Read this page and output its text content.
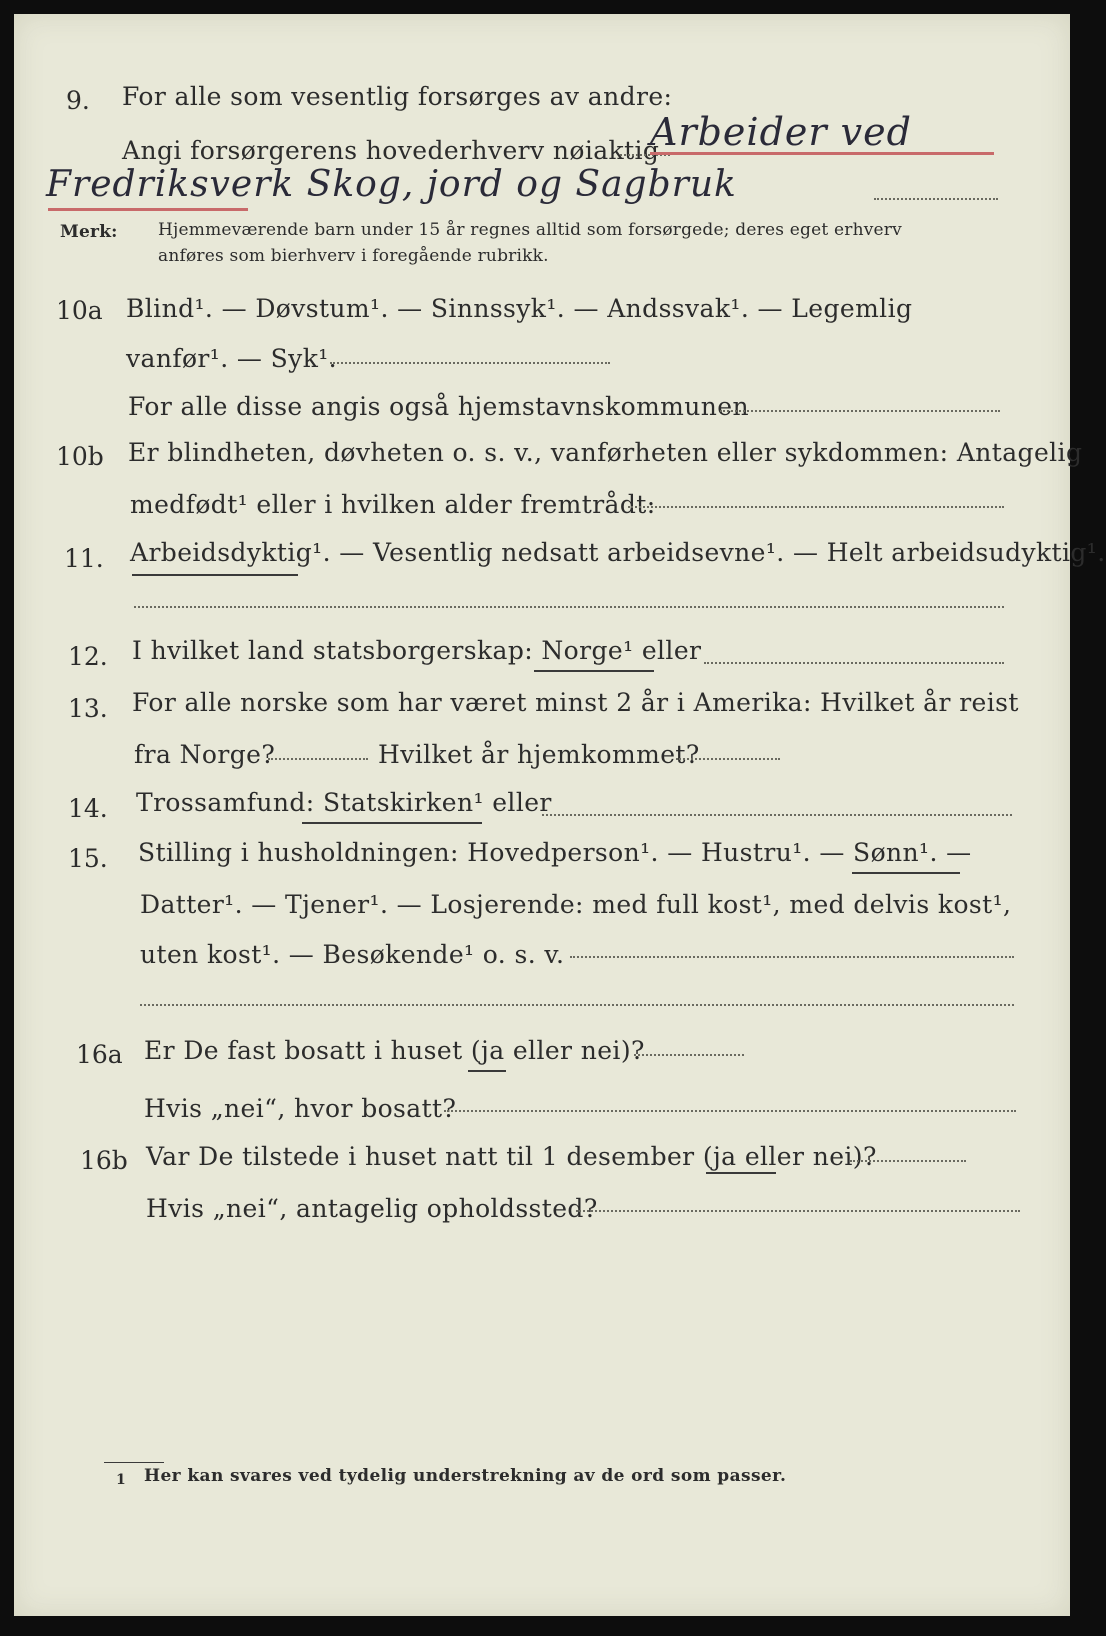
9. For alle som vesentlig forsørges av andre:
Angi forsørgerens hovederhverv nøiaktig
Arbeider ved
Fredriksverk Skog, jord og Sagbruk
Merk: Hjemmeværende barn under 15 år regnes alltid som forsørgede; deres eget erhverv
anføres som bierhverv i foregående rubrikk.
10a Blind¹. — Døvstum¹. — Sinnssyk¹. — Andssvak¹. — Legemlig
vanfør¹. — Syk¹.
For alle disse angis også hjemstavnskommunen
10b Er blindheten, døvheten o. s. v., vanførheten eller sykdommen: Antagelig
medfødt¹ eller i hvilken alder fremtrådt:
11. Arbeidsdyktig¹. — Vesentlig nedsatt arbeidsevne¹. — Helt arbeidsudyktig¹.
12. I hvilket land statsborgerskap: Norge¹ eller
13. For alle norske som har været minst 2 år i Amerika: Hvilket år reist
fra Norge?	Hvilket år hjemkommet?
14. Trossamfund: Statskirken¹ eller
15. Stilling i husholdningen: Hovedperson¹. — Hustru¹. — Sønn¹. —
Datter¹. — Tjener¹. — Losjerende: med full kost¹, med delvis kost¹,
uten kost¹. — Besøkende¹ o. s. v.
16a Er De fast bosatt i huset (ja eller nei)?
Hvis „nei“, hvor bosatt?
16b Var De tilstede i huset natt til 1 desember (ja eller nei)?
Hvis „nei“, antagelig opholdssted?
1 Her kan svares ved tydelig understrekning av de ord som passer.
